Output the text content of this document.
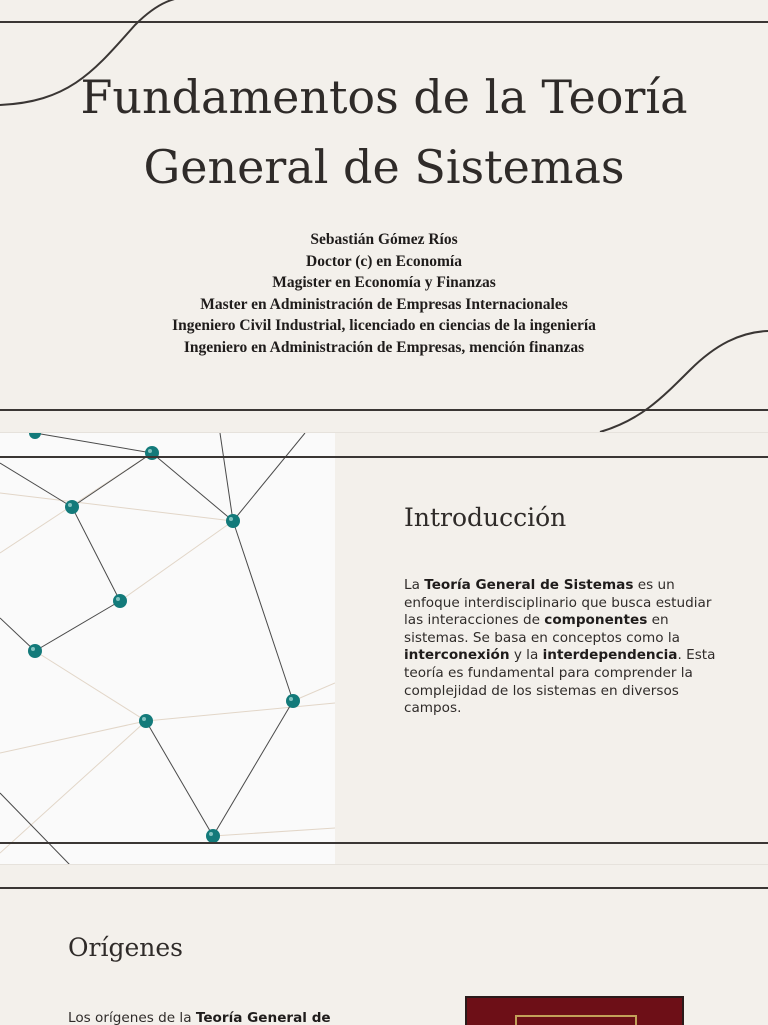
Fundamentos de la Teoría
General de Sistemas
Sebastián Gómez Ríos
Doctor (c) en Economía
Magister en Economía y Finanzas
Master en Administración de Empresas Internacionales
Ingeniero Civil Industrial, licenciado en ciencias de la ingeniería
Ingeniero en Administración de Empresas, mención finanzas
Introducción

La Teoría General de Sistemas es un enfoque interdisciplinario que busca estudiar las interacciones de componentes en sistemas. Se basa en conceptos como la interconexión y la interdependencia. Esta teoría es fundamental para comprender la complejidad de los sistemas en diversos campos.

Orígenes

Los orígenes de la Teoría General de
